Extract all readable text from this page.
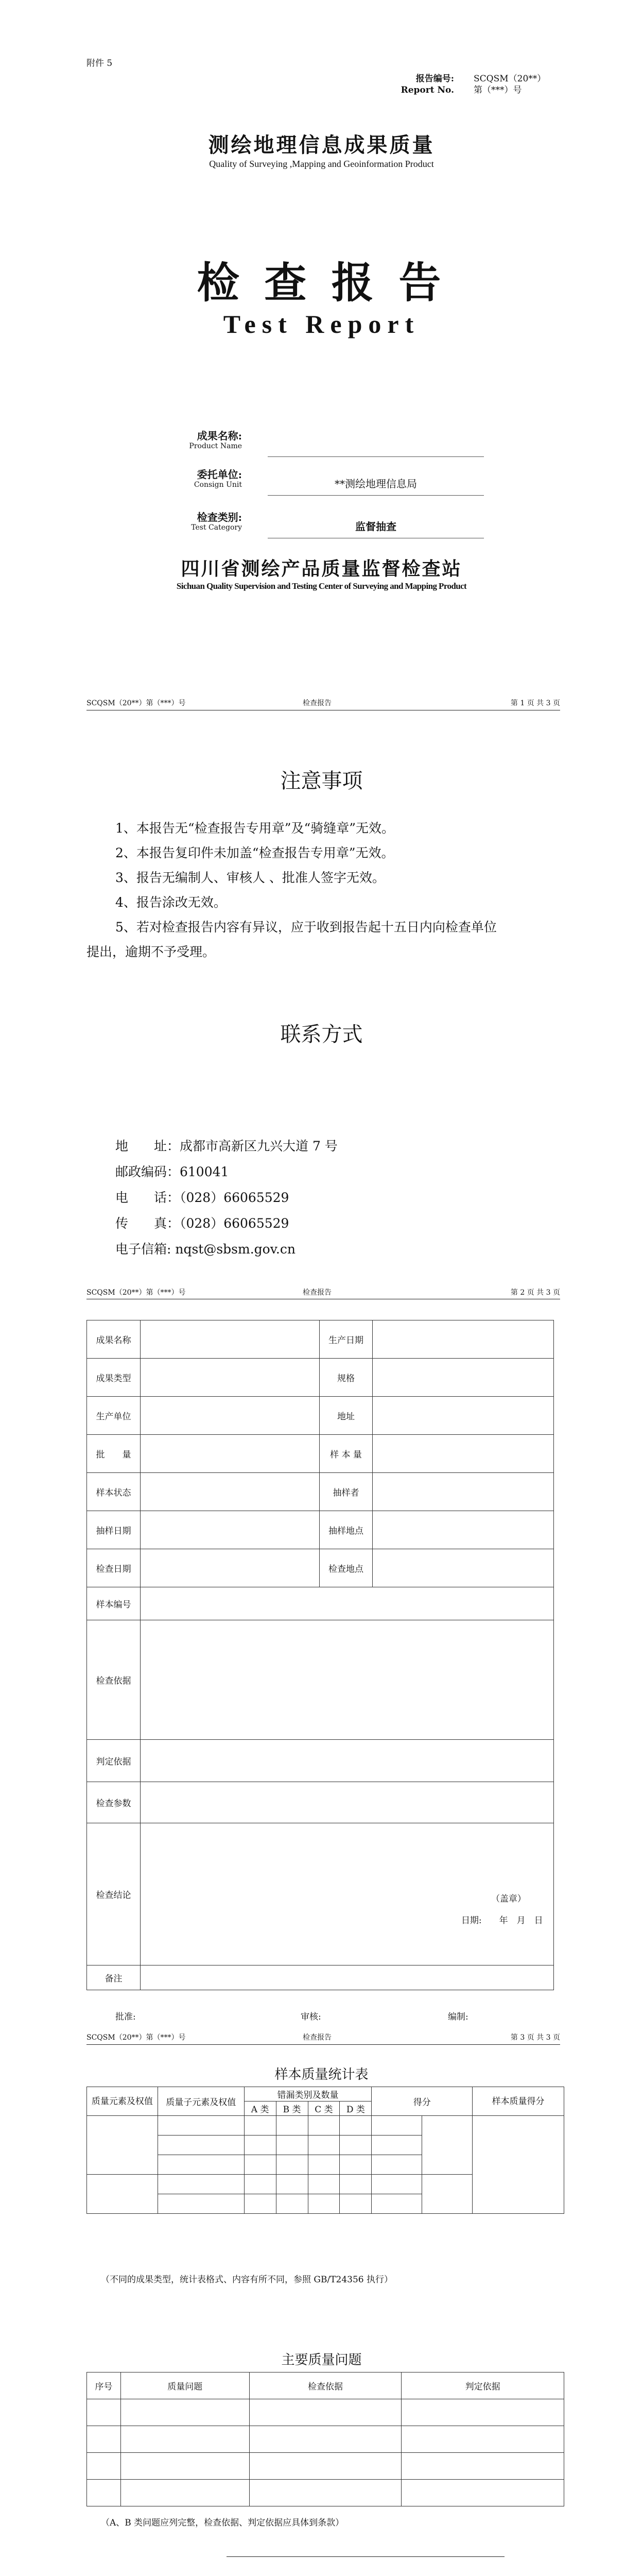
附件 5
报告编号:
Report No.
SCQSM（20**）
第（***）号
测绘地理信息成果质量
Quality of Surveying ,Mapping and Geoinformation Product
检 查 报 告
Test Report
成果名称:
Product Name
委托单位:
Consign Unit	**测绘地理信息局
检查类别:
Test Category	监督抽查
四川省测绘产品质量监督检查站
Sichuan Quality Supervision and Testing Center of Surveying and Mapping Product
SCQSM（20**）第（***）号	检查报告	第 1 页 共 3 页
注意事项
1、本报告无“检查报告专用章”及“骑缝章”无效。
2、本报告复印件未加盖“检查报告专用章”无效。
3、报告无编制人、审核人 、批准人签字无效。
4、报告涂改无效。
5、若对检查报告内容有异议，应于收到报告起十五日内向检查单位
提出，逾期不予受理。
联系方式
地　　址：成都市高新区九兴大道 7 号
邮政编码：610041
电　　话：（028）66065529
传　　真：（028）66065529
电子信箱: nqst@sbsm.gov.cn
SCQSM（20**）第（***）号	检查报告	第 2 页 共 3 页
成果名称		生产日期	
成果类型		规格	
生产单位		地址	
批　　量		样 本 量	
样本状态		抽样者	
抽样日期		抽样地点	
检查日期		检查地点	
样本编号			
检查依据			
判定依据			
检查参数			
检查结论	（盖章）
日期:　　年　月　日		

备注			
批准:	审核:	编制:
SCQSM（20**）第（***）号	检查报告	第 3 页 共 3 页
样本质量统计表
质量元素及权值	质量子元素及权值	错漏类别及数量				得分		样本质量得分
		A 类	B 类	C 类	D 类			

（不同的成果类型，统计表格式、内容有所不同，参照 GB/T24356 执行）
主要质量问题
序号	质量问题	检查依据	判定依据

（A、B 类问题应列完整，检查依据、判定依据应具体到条款）
